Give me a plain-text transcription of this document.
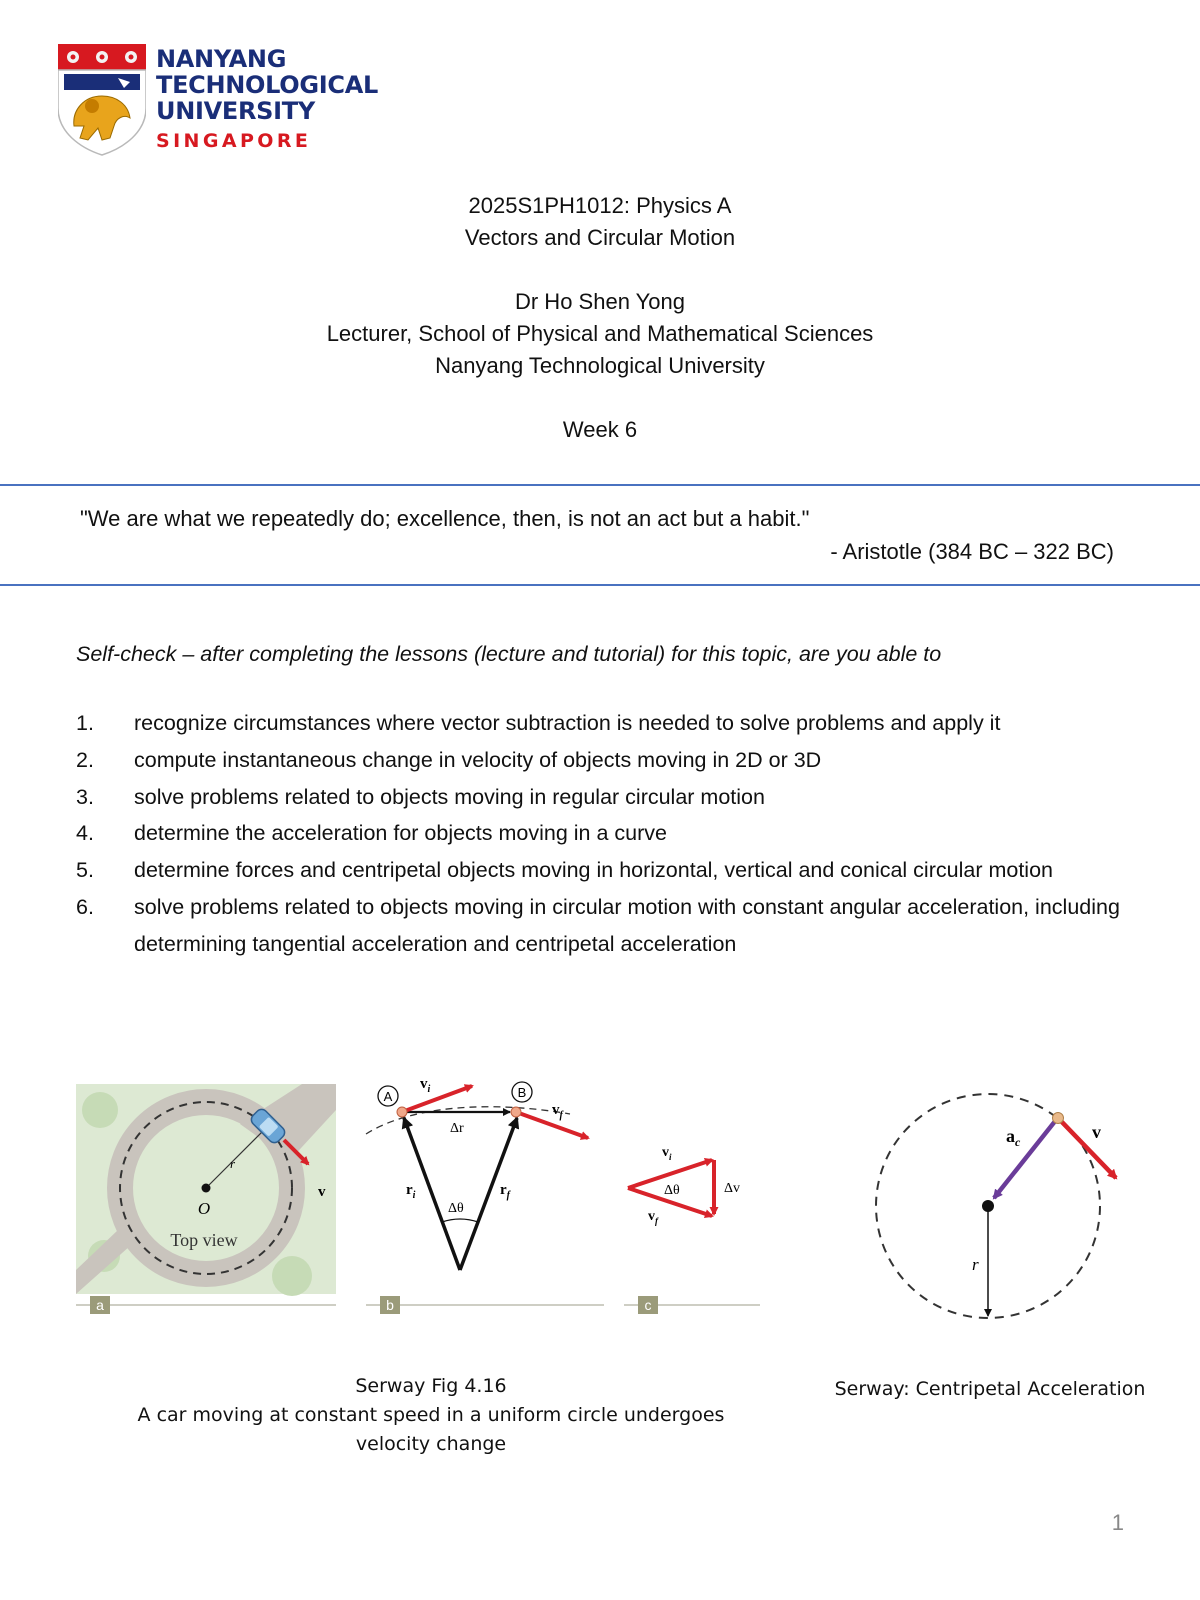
NANYANG
TECHNOLOGICAL
UNIVERSITY
SINGAPORE
2025S1PH1012: Physics A
Vectors and Circular Motion
Dr Ho Shen Yong
Lecturer, School of Physical and Mathematical Sciences
Nanyang Technological University
Week 6
"We are what we repeatedly do; excellence, then, is not an act but a habit."
- Aristotle (384 BC – 322 BC)
Self-check – after completing the lessons (lecture and tutorial) for this topic, are you able to
1.	recognize circumstances where vector subtraction is needed to solve problems and apply it
2.	compute instantaneous change in velocity of objects moving in 2D or 3D
3.	solve problems related to objects moving in regular circular motion
4.	determine the acceleration for objects moving in a curve
5.	determine forces and centripetal objects moving in horizontal, vertical and conical circular motion
6.	solve problems related to objects moving in circular motion with constant angular acceleration, including determining tangential acceleration and centripetal acceleration
O
r
v
Top view
a
A	B
$v_i$
$v_f$
Δr
$r_i$	$r_f$
Δθ
b
$v_i$
$v_f$
Δθ	Δv
c
Serway Fig 4.16
A car moving at constant speed in a uniform circle undergoes velocity change
$a_c$	v
r
Serway: Centripetal Acceleration
1
